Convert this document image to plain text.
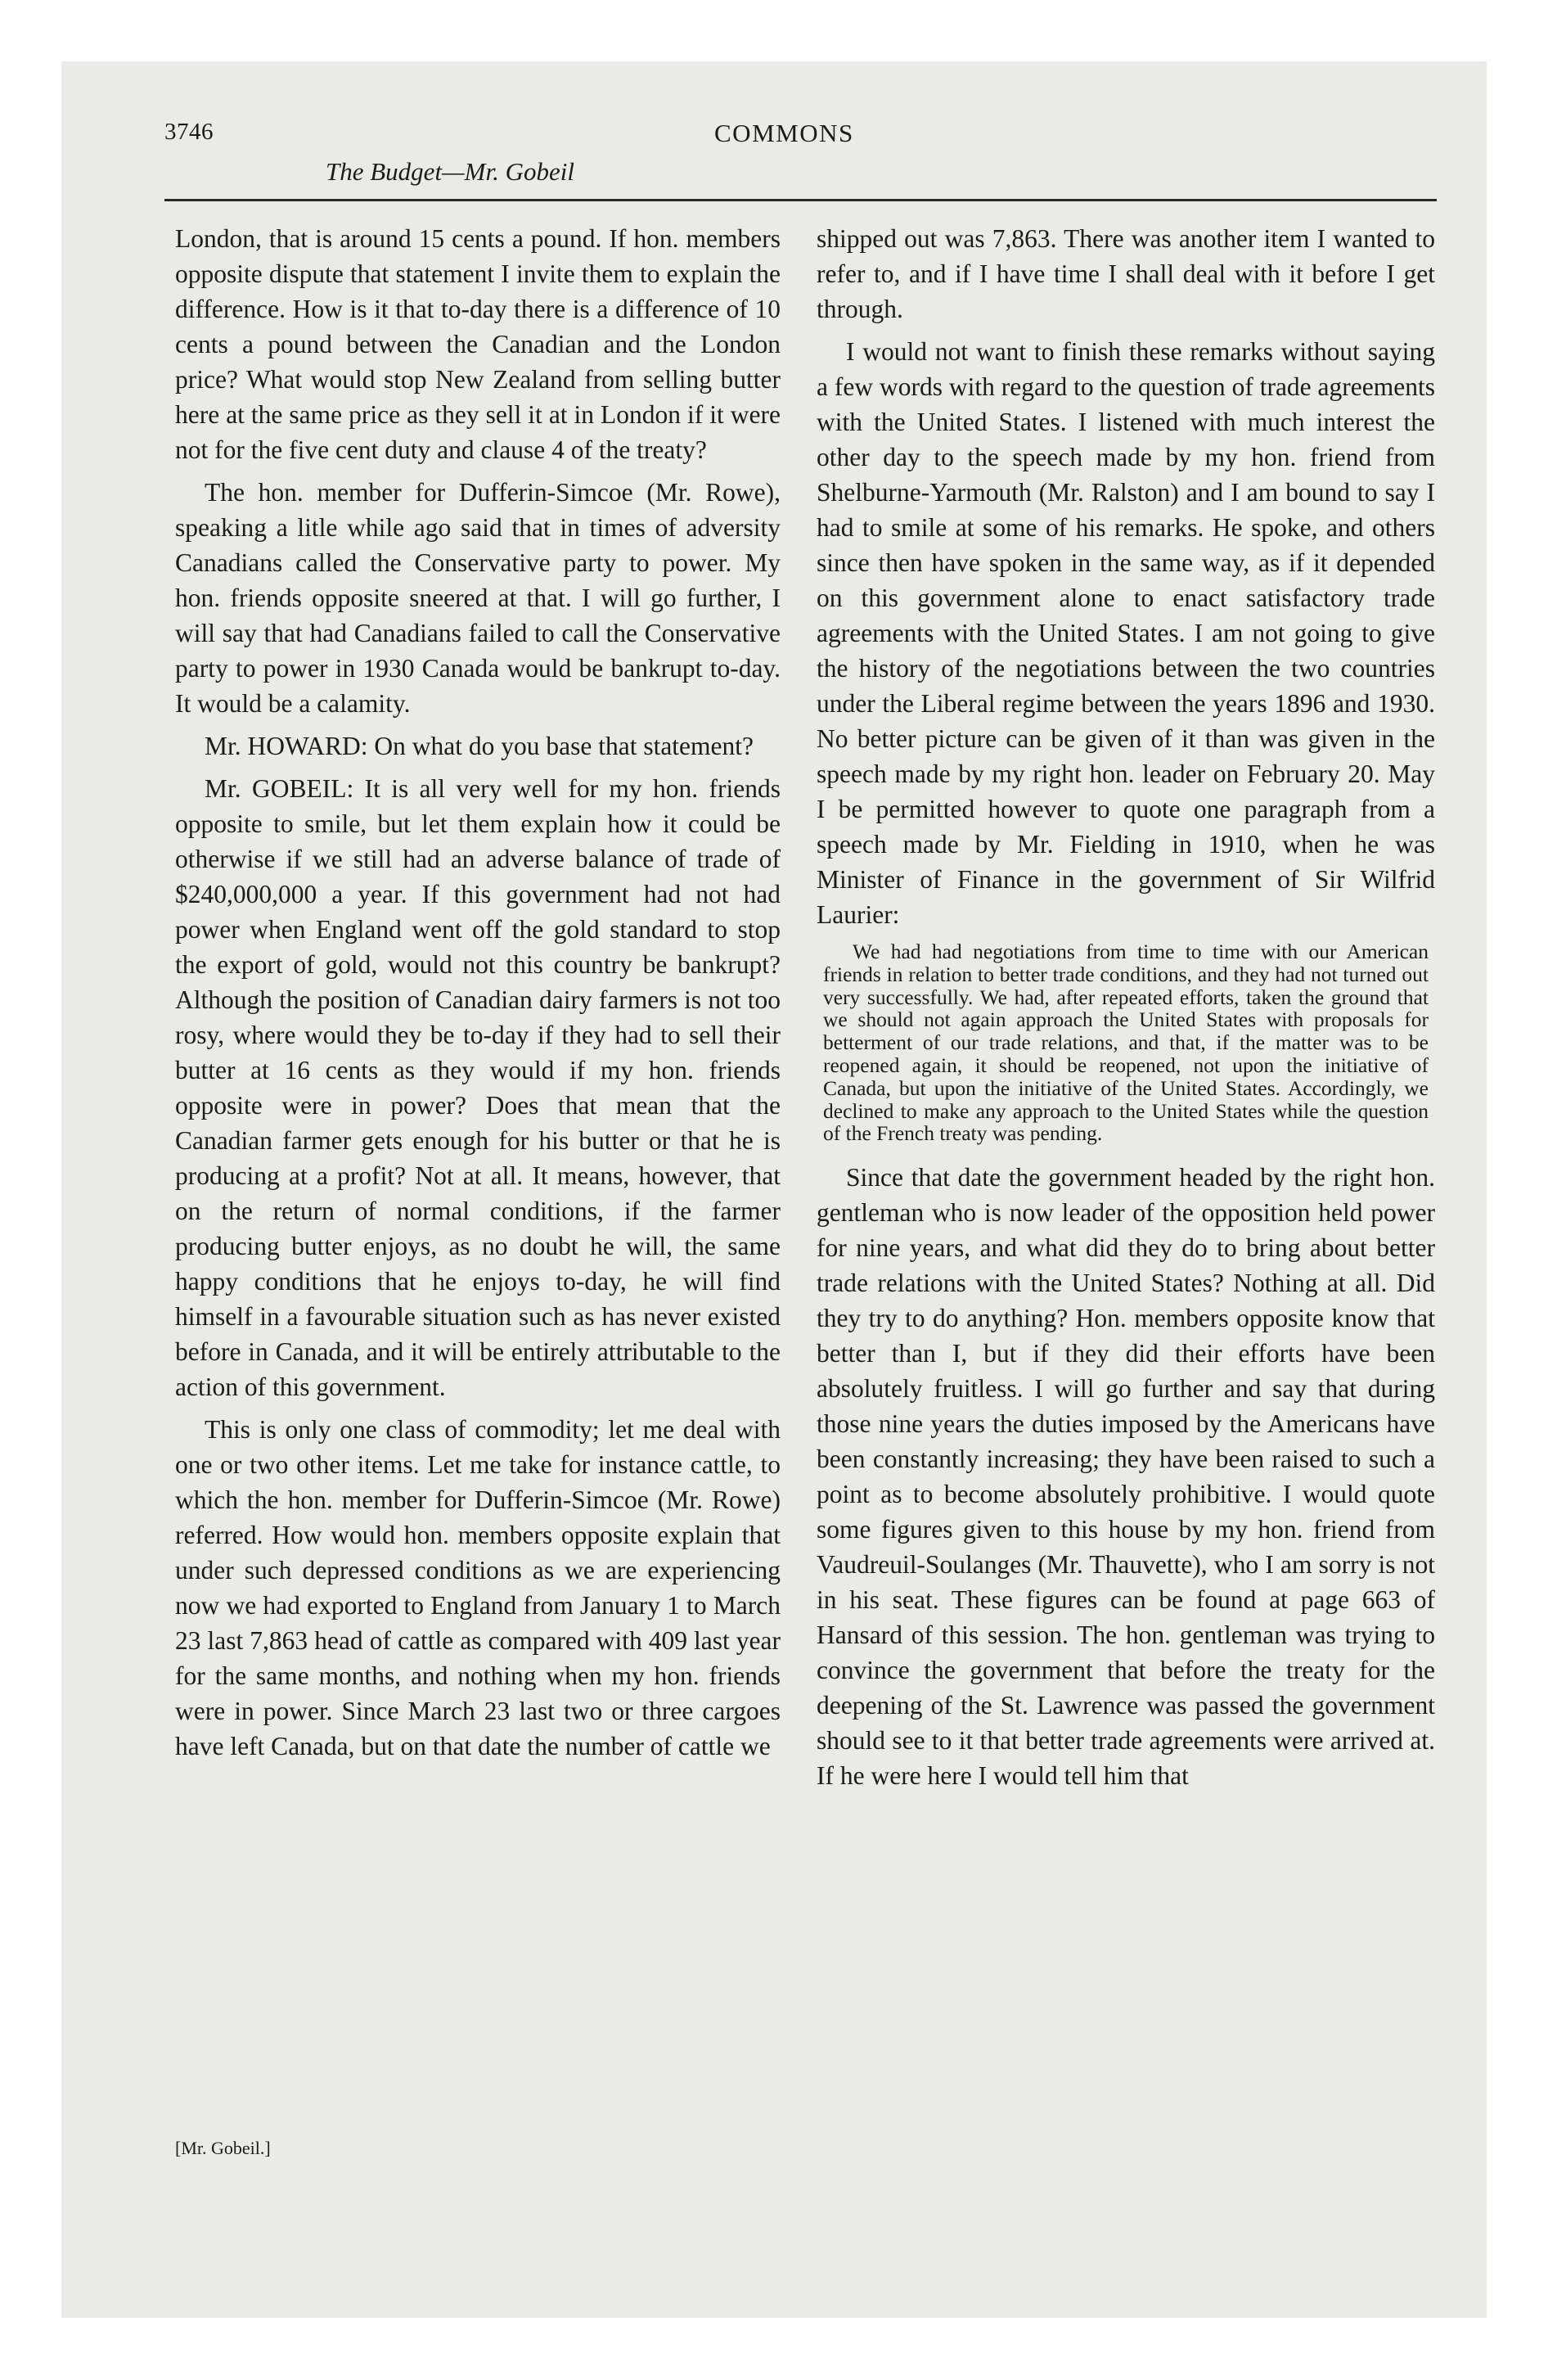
3746	COMMONS
The Budget—Mr. Gobeil

London, that is around 15 cents a pound. If hon. members opposite dispute that statement I invite them to explain the difference. How is it that to-day there is a difference of 10 cents a pound between the Canadian and the London price? What would stop New Zealand from selling butter here at the same price as they sell it at in London if it were not for the five cent duty and clause 4 of the treaty?

The hon. member for Dufferin-Simcoe (Mr. Rowe), speaking a litle while ago said that in times of adversity Canadians called the Conservative party to power. My hon. friends opposite sneered at that. I will go further, I will say that had Canadians failed to call the Conservative party to power in 1930 Canada would be bankrupt to-day. It would be a calamity.

Mr. HOWARD: On what do you base that statement?

Mr. GOBEIL: It is all very well for my hon. friends opposite to smile, but let them explain how it could be otherwise if we still had an adverse balance of trade of $240,000,000 a year. If this government had not had power when England went off the gold standard to stop the export of gold, would not this country be bankrupt? Although the position of Canadian dairy farmers is not too rosy, where would they be to-day if they had to sell their butter at 16 cents as they would if my hon. friends opposite were in power? Does that mean that the Canadian farmer gets enough for his butter or that he is producing at a profit? Not at all. It means, however, that on the return of normal conditions, if the farmer producing butter enjoys, as no doubt he will, the same happy conditions that he enjoys to-day, he will find himself in a favourable situation such as has never existed before in Canada, and it will be entirely attributable to the action of this government.

This is only one class of commodity; let me deal with one or two other items. Let me take for instance cattle, to which the hon. member for Dufferin-Simcoe (Mr. Rowe) referred. How would hon. members opposite explain that under such depressed conditions as we are experiencing now we had exported to England from January 1 to March 23 last 7,863 head of cattle as compared with 409 last year for the same months, and nothing when my hon. friends were in power. Since March 23 last two or three cargoes have left Canada, but on that date the number of cattle we

shipped out was 7,863. There was another item I wanted to refer to, and if I have time I shall deal with it before I get through.

I would not want to finish these remarks without saying a few words with regard to the question of trade agreements with the United States. I listened with much interest the other day to the speech made by my hon. friend from Shelburne-Yarmouth (Mr. Ralston) and I am bound to say I had to smile at some of his remarks. He spoke, and others since then have spoken in the same way, as if it depended on this government alone to enact satisfactory trade agreements with the United States. I am not going to give the history of the negotiations between the two countries under the Liberal regime between the years 1896 and 1930. No better picture can be given of it than was given in the speech made by my right hon. leader on February 20. May I be permitted however to quote one paragraph from a speech made by Mr. Fielding in 1910, when he was Minister of Finance in the government of Sir Wilfrid Laurier:

We had had negotiations from time to time with our American friends in relation to better trade conditions, and they had not turned out very successfully. We had, after repeated efforts, taken the ground that we should not again approach the United States with proposals for betterment of our trade relations, and that, if the matter was to be reopened again, it should be reopened, not upon the initiative of Canada, but upon the initiative of the United States. Accordingly, we declined to make any approach to the United States while the question of the French treaty was pending.

Since that date the government headed by the right hon. gentleman who is now leader of the opposition held power for nine years, and what did they do to bring about better trade relations with the United States? Nothing at all. Did they try to do anything? Hon. members opposite know that better than I, but if they did their efforts have been absolutely fruitless. I will go further and say that during those nine years the duties imposed by the Americans have been constantly increasing; they have been raised to such a point as to become absolutely prohibitive. I would quote some figures given to this house by my hon. friend from Vaudreuil-Soulanges (Mr. Thauvette), who I am sorry is not in his seat. These figures can be found at page 663 of Hansard of this session. The hon. gentleman was trying to convince the government that before the treaty for the deepening of the St. Lawrence was passed the government should see to it that better trade agreements were arrived at. If he were here I would tell him that

[Mr. Gobeil.]
